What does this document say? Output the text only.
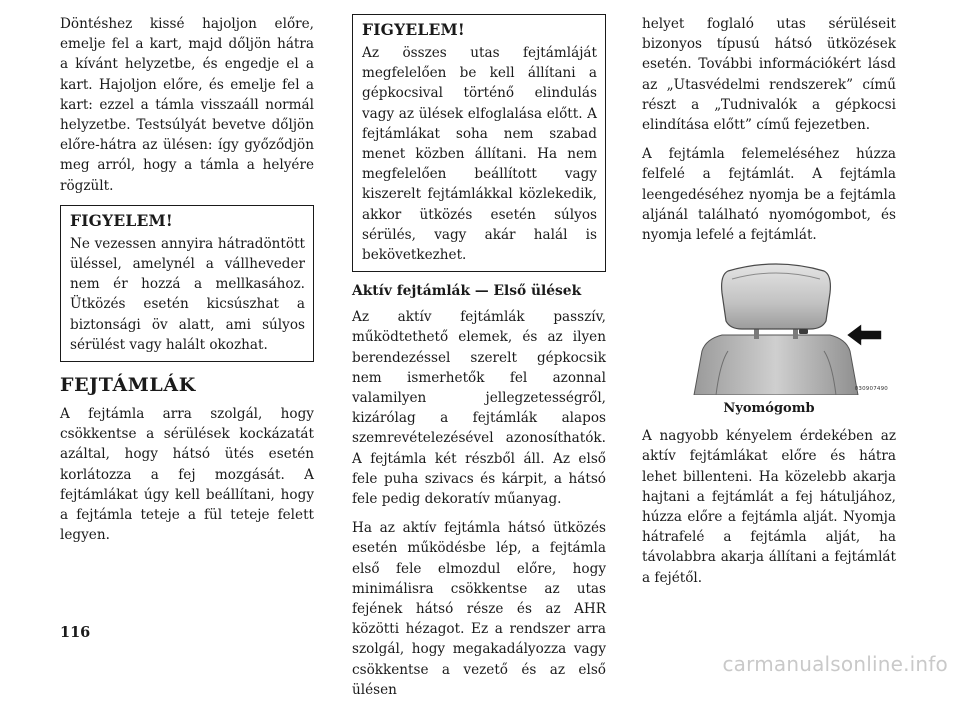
Döntéshez kissé hajoljon előre, emelje fel a kart, majd dőljön hátra a kívánt helyzetbe, és engedje el a kart. Hajoljon előre, és emelje fel a kart: ezzel a támla visszaáll normál helyzetbe. Testsúlyát bevetve dőljön előre-hátra az ülésen: így győződjön meg arról, hogy a támla a helyére rögzült.

FIGYELEM!

Ne vezessen annyira hátradöntött üléssel, amelynél a vállheveder nem ér hozzá a mellkasához. Ütközés esetén kicsúszhat a biztonsági öv alatt, ami súlyos sérülést vagy halált okozhat.

FEJTÁMLÁK

A fejtámla arra szolgál, hogy csökkentse a sérülések kockázatát azáltal, hogy hátsó ütés esetén korlátozza a fej mozgását. A fejtámlákat úgy kell beállítani, hogy a fejtámla teteje a fül teteje felett legyen.

FIGYELEM!

Az összes utas fejtámláját megfelelően be kell állítani a gépkocsival történő elindulás vagy az ülések elfoglalása előtt. A fejtámlákat soha nem szabad menet közben állítani. Ha nem megfelelően beállított vagy kiszerelt fejtámlákkal közlekedik, akkor ütközés esetén súlyos sérülés, vagy akár halál is bekövetkezhet.

Aktív fejtámlák — Első ülések

Az aktív fejtámlák passzív, működtethető elemek, és az ilyen berendezéssel szerelt gépkocsik nem ismerhetők fel azonnal valamilyen jellegzetességről, kizárólag a fejtámlák alapos szemrevételezésével azonosíthatók. A fejtámla két részből áll. Az első fele puha szivacs és kárpit, a hátsó fele pedig dekoratív műanyag.

Ha az aktív fejtámla hátsó ütközés esetén működésbe lép, a fejtámla első fele elmozdul előre, hogy minimálisra csökkentse az utas fejének hátsó része és az AHR közötti hézagot. Ez a rendszer arra szolgál, hogy megakadályozza vagy csökkentse a vezető és az első ülésen

helyet foglaló utas sérüléseit bizonyos típusú hátsó ütközések esetén. További információkért lásd az „Utasvédelmi rendszerek” című részt a „Tudnivalók a gépkocsi elindítása előtt” című fejezetben.

A fejtámla felemeléséhez húzza felfelé a fejtámlát. A fejtámla leengedéséhez nyomja be a fejtámla aljánál található nyomógombot, és nyomja lefelé a fejtámlát.

030907490
Nyomógomb

A nagyobb kényelem érdekében az aktív fejtámlákat előre és hátra lehet billenteni. Ha közelebb akarja hajtani a fejtámlát a fej hátuljához, húzza előre a fejtámla alját. Nyomja hátrafelé a fejtámla alját, ha távolabbra akarja állítani a fejtámlát a fejétől.

116
carmanualsonline.info
